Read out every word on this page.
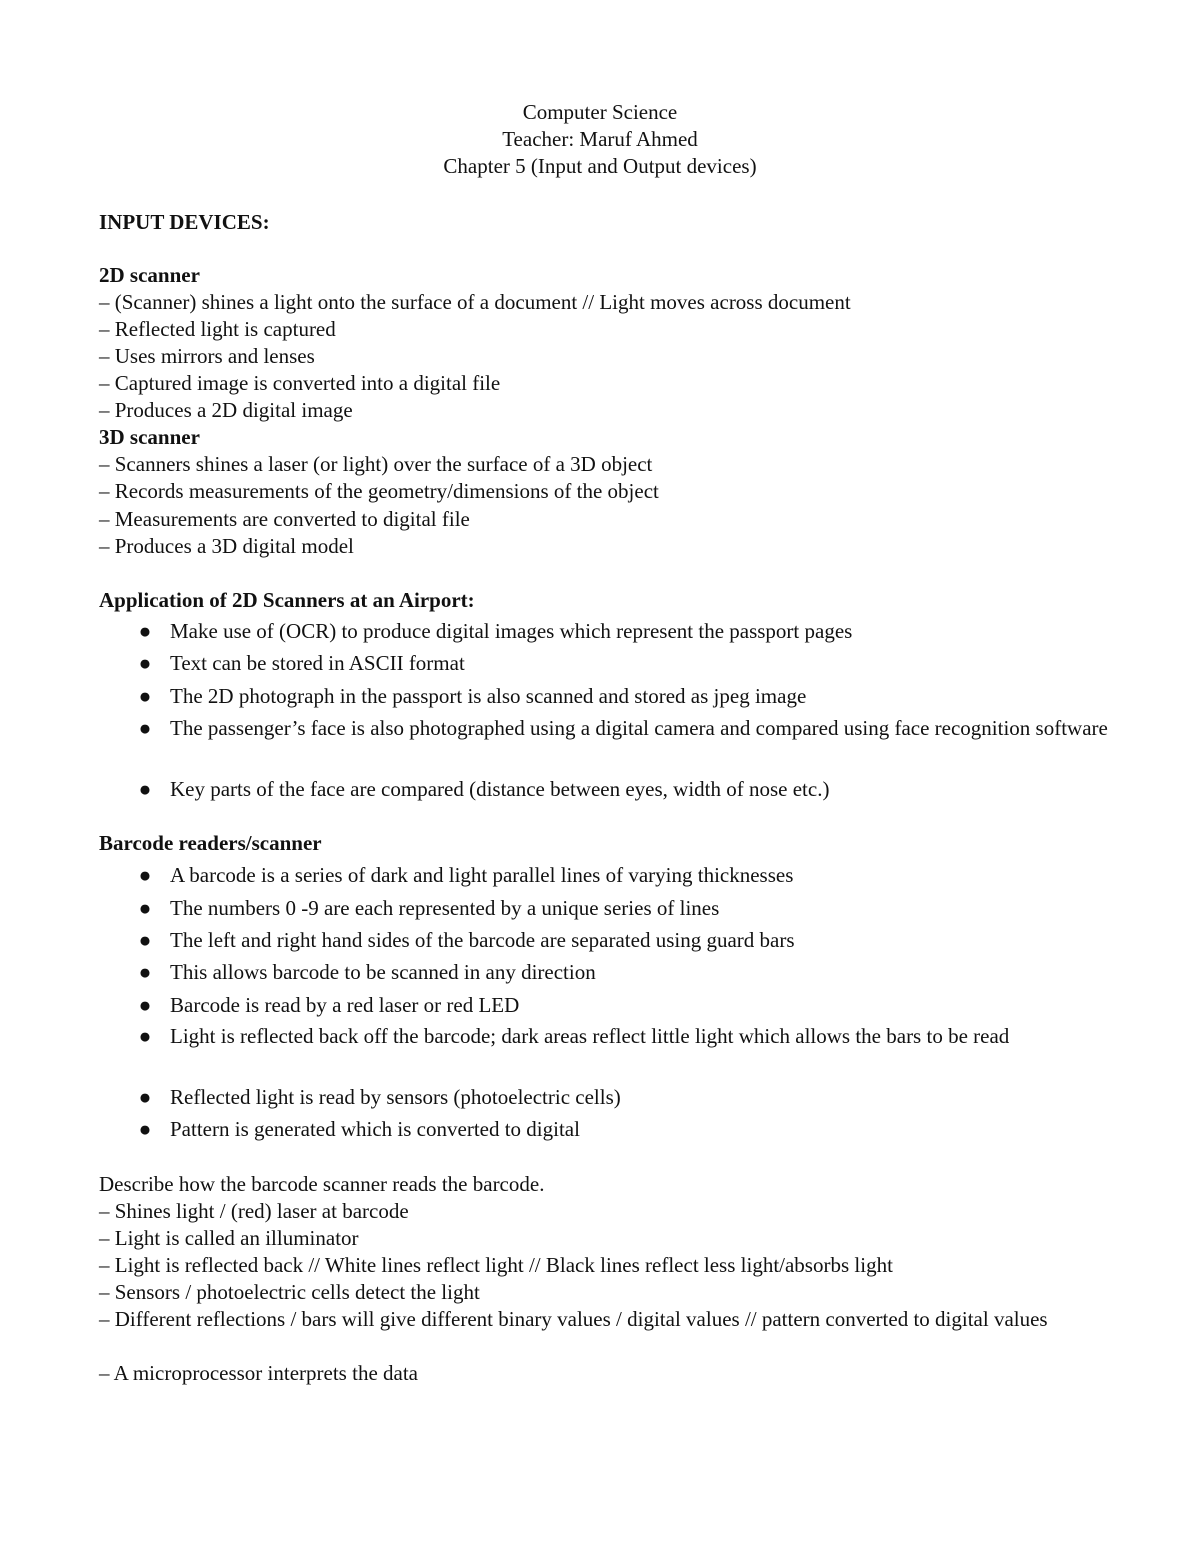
Computer Science
Teacher: Maruf Ahmed
Chapter 5 (Input and Output devices)
INPUT DEVICES:
2D scanner
– (Scanner) shines a light onto the surface of a document // Light moves across document
– Reflected light is captured
– Uses mirrors and lenses
– Captured image is converted into a digital file
– Produces a 2D digital image
3D scanner
– Scanners shines a laser (or light) over the surface of a 3D object
– Records measurements of the geometry/dimensions of the object
– Measurements are converted to digital file
– Produces a 3D digital model
Application of 2D Scanners at an Airport:
● Make use of (OCR) to produce digital images which represent the passport pages
● Text can be stored in ASCII format
● The 2D photograph in the passport is also scanned and stored as jpeg image
● The passenger’s face is also photographed using a digital camera and compared using face recognition software
● Key parts of the face are compared (distance between eyes, width of nose etc.)
Barcode readers/scanner
● A barcode is a series of dark and light parallel lines of varying thicknesses
● The numbers 0 -9 are each represented by a unique series of lines
● The left and right hand sides of the barcode are separated using guard bars
● This allows barcode to be scanned in any direction
● Barcode is read by a red laser or red LED
● Light is reflected back off the barcode; dark areas reflect little light which allows the bars to be read
● Reflected light is read by sensors (photoelectric cells)
● Pattern is generated which is converted to digital
Describe how the barcode scanner reads the barcode.
– Shines light / (red) laser at barcode
– Light is called an illuminator
– Light is reflected back // White lines reflect light // Black lines reflect less light/absorbs light
– Sensors / photoelectric cells detect the light
– Different reflections / bars will give different binary values / digital values // pattern converted to digital values
– A microprocessor interprets the data
